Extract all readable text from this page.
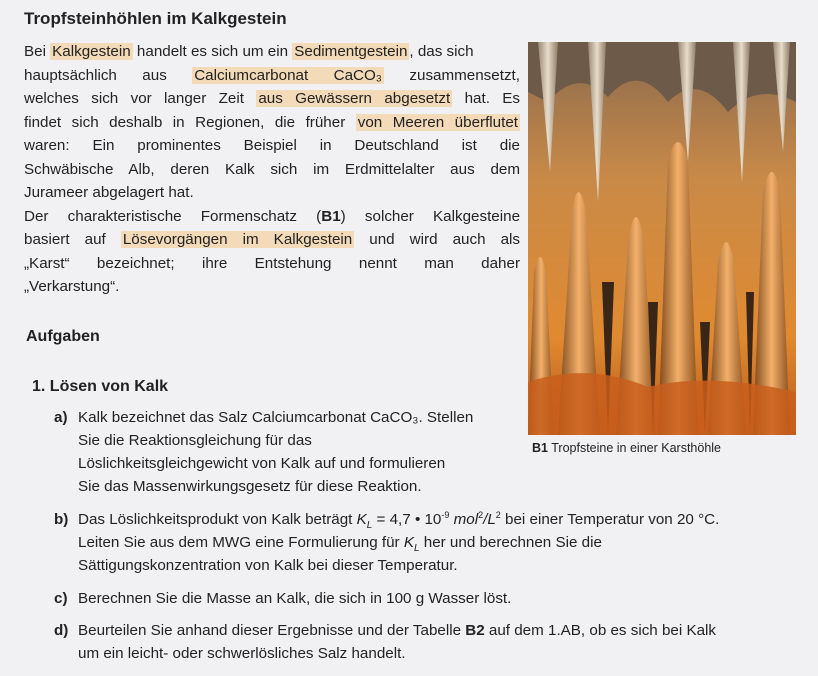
Tropfsteinhöhlen im Kalkgestein

Bei Kalkgestein handelt es sich um ein Sedimentgestein , das sich

hauptsächlich aus Calciumcarbonat CaCO₃ zusammensetzt,

welches sich vor langer Zeit aus Gewässern abgesetzt hat. Es

findet sich deshalb in Regionen, die früher von Meeren überflutet

waren: Ein prominentes Beispiel in Deutschland ist die

Schwäbische Alb, deren Kalk sich im Erdmittelalter aus dem

Jurameer abgelagert hat.

Der charakteristische Formenschatz (B1) solcher Kalkgesteine

basiert auf Lösevorgängen im Kalkgestein und wird auch als

„Karst“ bezeichnet; ihre Entstehung nennt man daher

„Verkarstung“.

B1 Tropfsteine in einer Karsthöhle
Aufgaben
1. Lösen von Kalk
a) Kalk bezeichnet das Salz Calciumcarbonat CaCO₃. Stellen
Sie die Reaktionsgleichung für das
Löslichkeitsgleichgewicht von Kalk auf und formulieren
Sie das Massenwirkungsgesetz für diese Reaktion.
b) Das Löslichkeitsprodukt von Kalk beträgt $K_L = 4,7$ • $10^{-9}$ $mol^2/L^2$ bei einer Temperatur von 20 °C.
Leiten Sie aus dem MWG eine Formulierung für $K_L$ her und berechnen Sie die
Sättigungskonzentration von Kalk bei dieser Temperatur.
c) Berechnen Sie die Masse an Kalk, die sich in 100 g Wasser löst.
d) Beurteilen Sie anhand dieser Ergebnisse und der Tabelle B2 auf dem 1.AB, ob es sich bei Kalk
um ein leicht- oder schwerlösliches Salz handelt.
